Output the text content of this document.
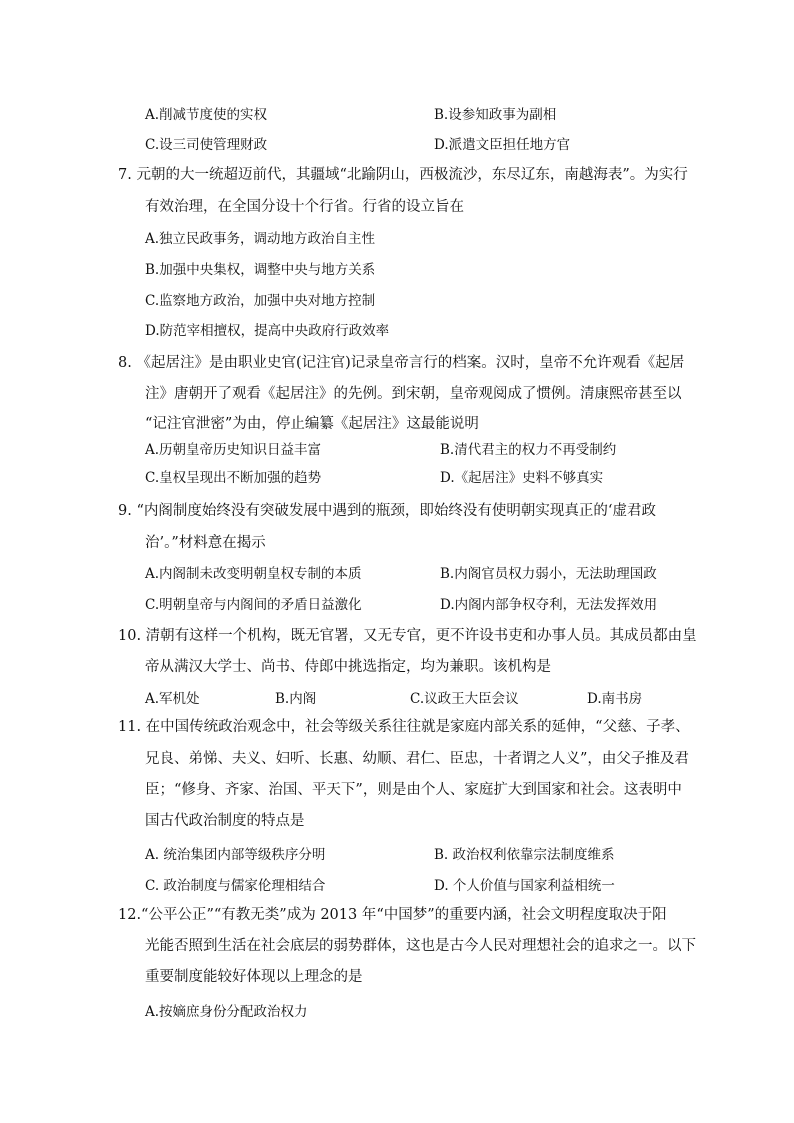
A.削减节度使的实权	B.设参知政事为副相
C.设三司使管理财政	D.派遣文臣担任地方官
7. 元朝的大一统超迈前代，其疆域“北踰阴山，西极流沙，东尽辽东，南越海表”。为实行
有效治理，在全国分设十个行省。行省的设立旨在
A.独立民政事务，调动地方政治自主性
B.加强中央集权，调整中央与地方关系
C.监察地方政治，加强中央对地方控制
D.防范宰相擅权，提高中央政府行政效率
8. 《起居注》是由职业史官(记注官)记录皇帝言行的档案。汉时，皇帝不允许观看《起居
注》唐朝开了观看《起居注》的先例。到宋朝，皇帝观阅成了惯例。清康熙帝甚至以
“记注官泄密”为由，停止编纂《起居注》这最能说明
A.历朝皇帝历史知识日益丰富	B.清代君主的权力不再受制约
C.皇权呈现出不断加强的趋势	D.《起居注》史料不够真实
9. “内阁制度始终没有突破发展中遇到的瓶颈，即始终没有使明朝实现真正的‘虚君政
治’。”材料意在揭示
A.内阁制未改变明朝皇权专制的本质	B.内阁官员权力弱小，无法助理国政
C.明朝皇帝与内阁间的矛盾日益激化	D.内阁内部争权夺利，无法发挥效用
10. 清朝有这样一个机构，既无官署，又无专官，更不许设书吏和办事人员。其成员都由皇
帝从满汉大学士、尚书、侍郎中挑选指定，均为兼职。该机构是
A.军机处	B.内阁	C.议政王大臣会议	D.南书房
11. 在中国传统政治观念中，社会等级关系往往就是家庭内部关系的延伸，“父慈、子孝、
兄良、弟悌、夫义、妇听、长惠、幼顺、君仁、臣忠，十者谓之人义”，由父子推及君
臣；“修身、齐家、治国、平天下”，则是由个人、家庭扩大到国家和社会。这表明中
国古代政治制度的特点是
A. 统治集团内部等级秩序分明	B. 政治权利依靠宗法制度维系
C. 政治制度与儒家伦理相结合	D. 个人价值与国家利益相统一
12.“公平公正”“有教无类”成为 2013 年“中国梦”的重要内涵，社会文明程度取决于阳
光能否照到生活在社会底层的弱势群体，这也是古今人民对理想社会的追求之一。以下
重要制度能较好体现以上理念的是
A.按嫡庶身份分配政治权力
